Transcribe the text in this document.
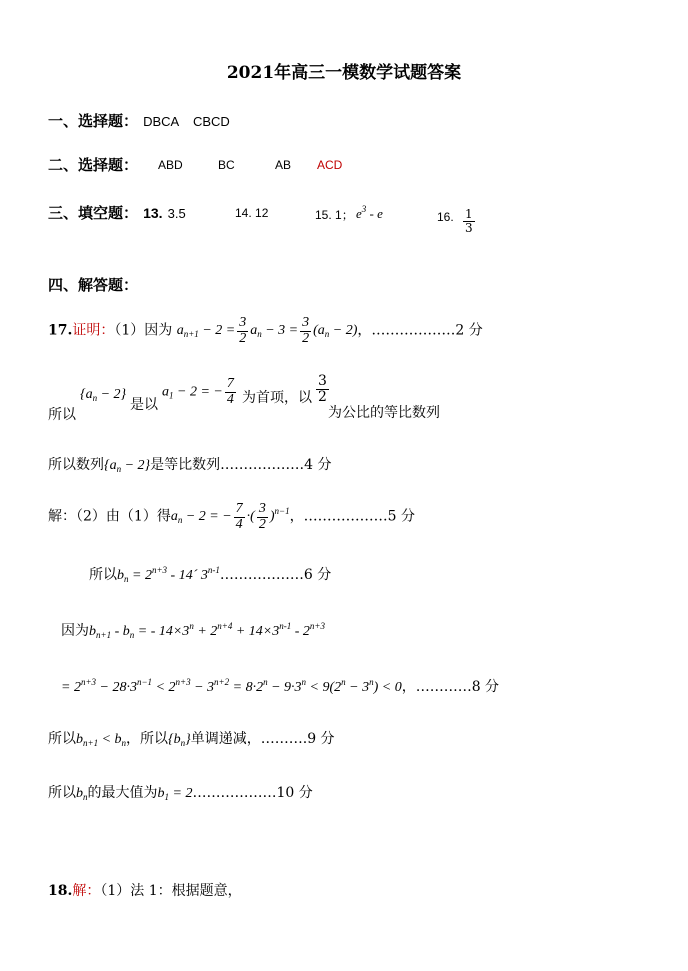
2021年高三一模数学试题答案
一、选择题： DBCA    CBCD
二、选择题： ABD	BC	AB ACD
三、填空题： 13. 3.5	14. 12	15. 1； $e^3$ - e	16. $\frac{1}{3}$
四、解答题：
17.证明：（1）因为 $a_{n+1} - 2 = \frac{3}{2} a_n - 3 = \frac{3}{2} (a_n - 2)$，………………2 分
所以
$\{a_n - 2\}$
是以
$a_1 - 2$ = − $\frac{7}{4}$ 为首项，以 $\frac{3}{2}$
为公比的等比数列
所以数列$\{a_n - 2\}$是等比数列………………4 分
解：（2）由（1）得$a_n - 2$ = − $\frac{7}{4}$ ·( $\frac{3}{2} )^{n-1}$，………………5 分
所以$b_n = 2^{n+3}$ - 14´ 3$^{n-1}$………………6 分
因为$b_{n+1} - b_n$ = - $14\times 3^n + 2^{n+4} + 14\times 3^{n-1} - 2^{n+3}$
= $2^{n+3} - 28\cdot 3^{n-1} < 2^{n+3} - 3^{n+2} = 8\cdot 2^n - 9\cdot 3^n < 9(2^n - 3^n) < 0$，…………8 分
所以$b_{n+1} < b_n$，所以$\{b_n\}$单调递减，……….9 分
所以$b_n$的最大值为$b_1$ = 2………………10 分
18.解：（1）法 1：根据题意，
